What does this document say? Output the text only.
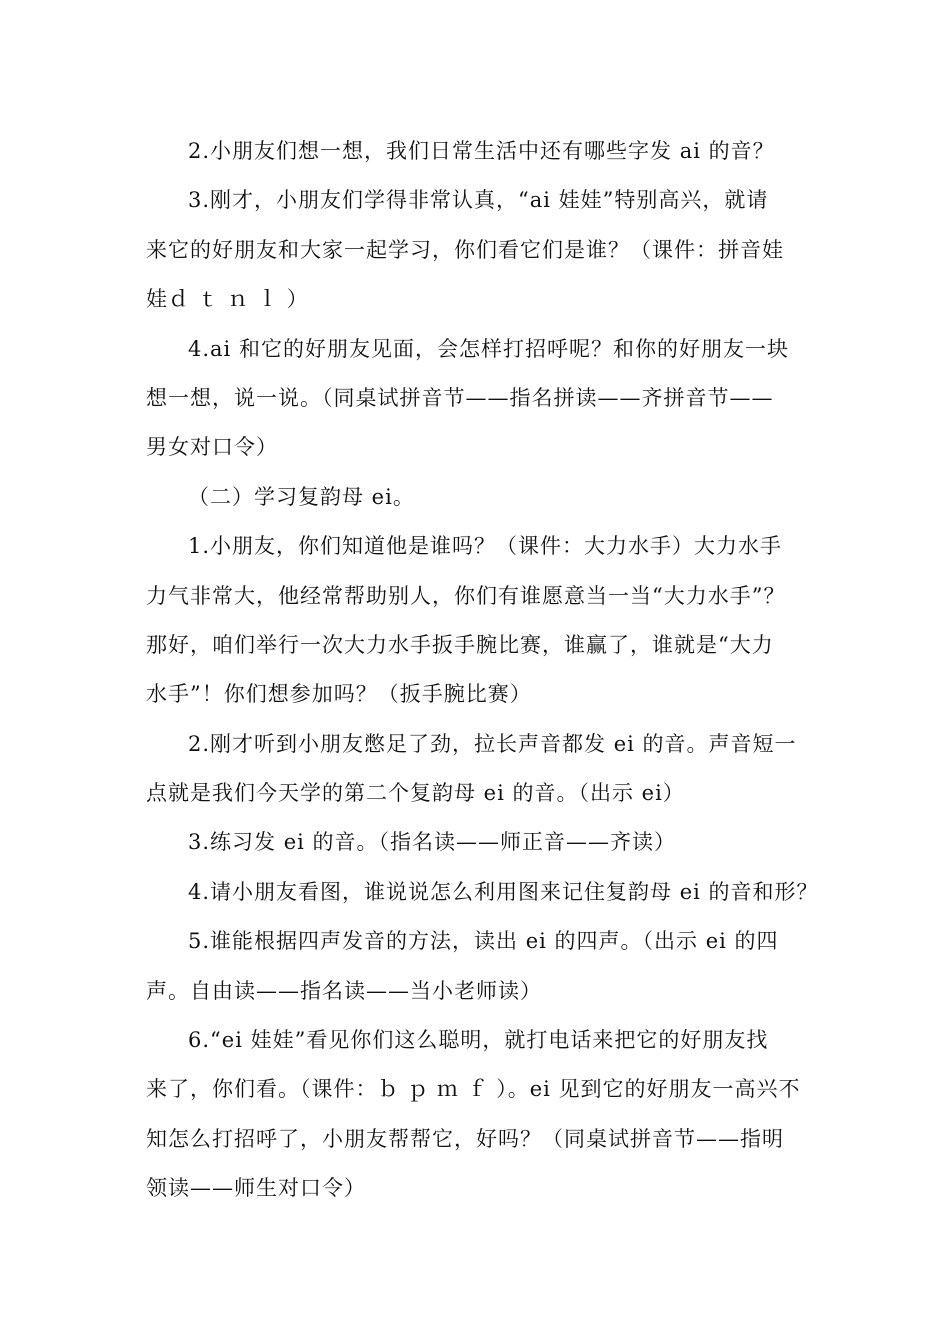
2.小朋友们想一想，我们日常生活中还有哪些字发 ai 的音？
3.刚才，小朋友们学得非常认真，“ai 娃娃”特别高兴，就请
来它的好朋友和大家一起学习，你们看它们是谁？（课件：拼音娃
娃ｄ ｔ ｎ ｌ ）
4.ai 和它的好朋友见面，会怎样打招呼呢？和你的好朋友一块
想一想，说一说。（同桌试拼音节——指名拼读——齐拼音节——
男女对口令）
（二）学习复韵母 ei。
1.小朋友，你们知道他是谁吗？（课件：大力水手）大力水手
力气非常大，他经常帮助别人，你们有谁愿意当一当“大力水手”？
那好，咱们举行一次大力水手扳手腕比赛，谁赢了，谁就是“大力
水手”！你们想参加吗？（扳手腕比赛）
2.刚才听到小朋友憋足了劲，拉长声音都发 ei 的音。声音短一
点就是我们今天学的第二个复韵母 ei 的音。（出示 ei）
3.练习发 ei 的音。（指名读——师正音——齐读）
4.请小朋友看图，谁说说怎么利用图来记住复韵母 ei 的音和形？
5.谁能根据四声发音的方法，读出 ei 的四声。（出示 ei 的四
声。自由读——指名读——当小老师读）
6.“ei 娃娃”看见你们这么聪明，就打电话来把它的好朋友找
来了，你们看。（课件：ｂ ｐ ｍ ｆ ）。ei 见到它的好朋友一高兴不
知怎么打招呼了，小朋友帮帮它，好吗？（同桌试拼音节——指明
领读——师生对口令）
